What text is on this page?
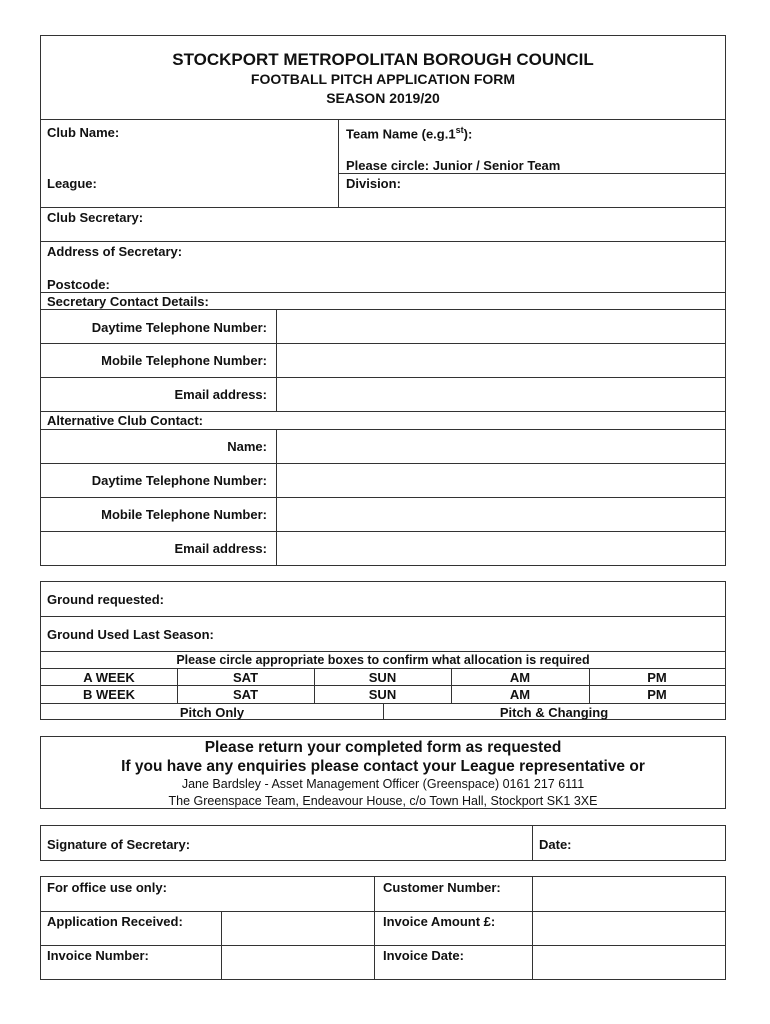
STOCKPORT METROPOLITAN BOROUGH COUNCIL
FOOTBALL PITCH APPLICATION FORM
SEASON 2019/20
Club Name:	Team Name (e.g.1st):
Please circle: Junior / Senior Team
League:	Division:
Club Secretary:
Address of Secretary:
Postcode:
Secretary Contact Details:
Daytime Telephone Number:
Mobile Telephone Number:
Email address:
Alternative Club Contact:
Name:
Daytime Telephone Number:
Mobile Telephone Number:
Email address:
Ground requested:
Ground Used Last Season:
Please circle appropriate boxes to confirm what allocation is required
A WEEK	SAT	SUN	AM	PM
B WEEK	SAT	SUN	AM	PM
Pitch Only	Pitch & Changing
Please return your completed form as requested
If you have any enquiries please contact your League representative or
Jane Bardsley - Asset Management Officer (Greenspace) 0161 217 6111
The Greenspace Team, Endeavour House, c/o Town Hall, Stockport SK1 3XE
Signature of Secretary:	Date:
For office use only:	Customer Number:
Application Received:	Invoice Amount £:
Invoice Number:	Invoice Date:
